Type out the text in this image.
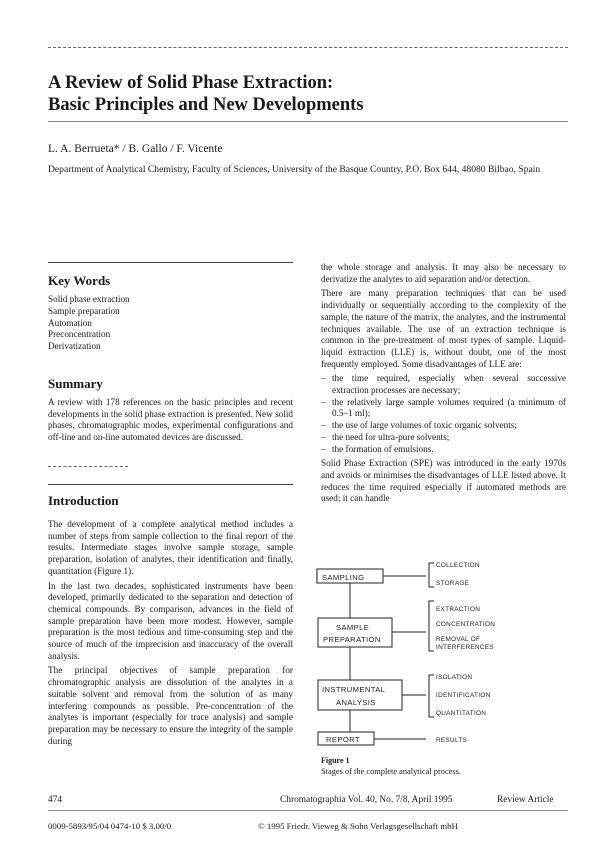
A Review of Solid Phase Extraction:
Basic Principles and New Developments
L. A. Berrueta* / B. Gallo / F. Vicente
Department of Analytical Chemistry, Faculty of Sciences, University of the Basque Country, P.O. Box 644, 48080 Bilbao, Spain
Key Words
Solid phase extraction
Sample preparation
Automation
Preconcentration
Derivatization
Summary

A review with 178 references on the basic principles and recent developments in the solid phase extraction is presented. New solid phases, chromatographic modes, experimental configurations and off-line and on-line automated devices are discussed.

Introduction

The development of a complete analytical method includes a number of steps from sample collection to the final report of the results. Intermediate stages involve sample storage, sample preparation, isolation of analytes, their identification and finally, quantitation (Figure 1).

In the last two decades, sophisticated instruments have been developed, primarily dedicated to the separation and detection of chemical compounds. By comparison, advances in the field of sample preparation have been more modest. However, sample preparation is the most tedious and time-consuming step and the source of much of the imprecision and inaccuracy of the overall analysis.

The principal objectives of sample preparation for chromatographic analysis are dissolution of the analytes in a suitable solvent and removal from the solution of as many interfering compounds as possible. Pre-concentration of the analytes is important (especially for trace analysis) and sample preparation may be necessary to ensure the integrity of the sample during

the whole storage and analysis. It may also be necessary to derivatize the analytes to aid separation and/or detection.

There are many preparation techniques that can be used individually or sequentially according to the complexity of the sample, the nature of the matrix, the analytes, and the instrumental techniques available. The use of an extraction technique is common in the pre-treatment of most types of sample. Liquid-liquid extraction (LLE) is, without doubt, one of the most frequently employed. Some disadvantages of LLE are:

– the time required, especially when several successive extraction processes are necessary;
– the relatively large sample volumes required (a minimum of 0.5–1 ml);
– the use of large volumes of toxic organic solvents;
– the need for ultra-pure solvents;
– the formation of emulsions.

Solid Phase Extraction (SPE) was introduced in the early 1970s and avoids or minimises the disadvantages of LLE listed above. It reduces the time required especially if automated methods are used; it can handle

SAMPLING
SAMPLE
PREPARATION
INSTRUMENTAL
ANALYSIS
REPORT
COLLECTION
STORAGE
EXTRACTION
CONCENTRATION
REMOVAL OF
INTERFERENCES
ISOLATION
IDENTIFICATION
QUANTITATION
RESULTS
Figure 1
Stages of the complete analytical process.
474	Chromatographia Vol. 40, No. 7/8, April 1995	Review Article
0009-5893/95/04 0474-10 $ 3.00/0	© 1995 Friedr. Vieweg & Sohn Verlagsgesellschaft mbH
